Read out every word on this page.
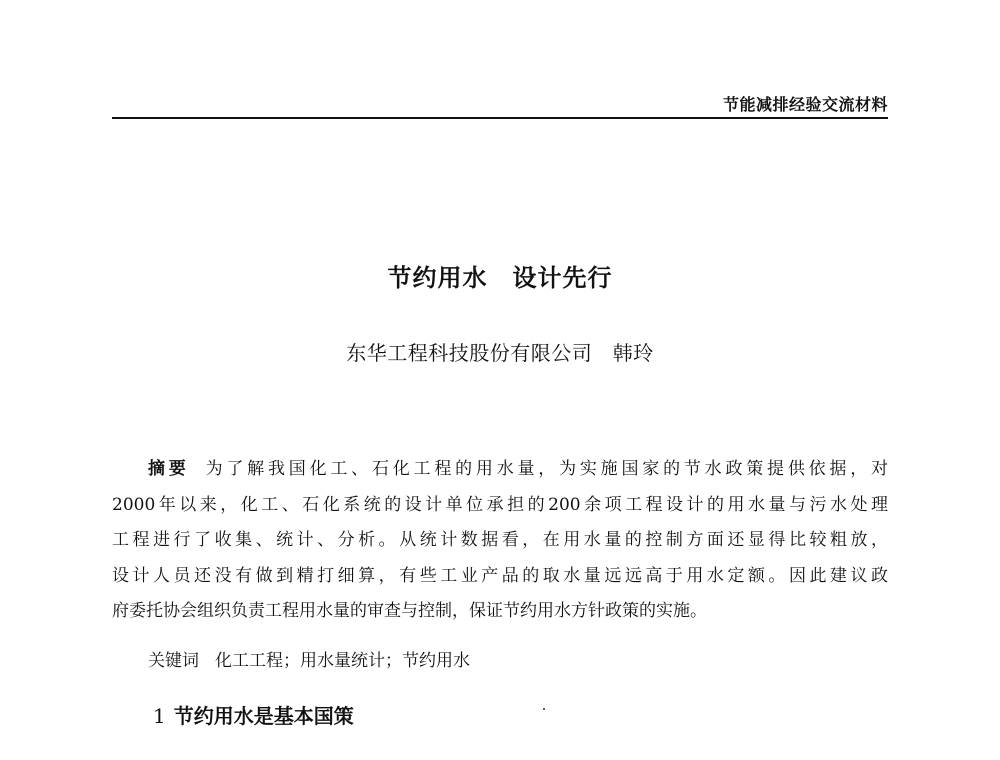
节能减排经验交流材料
节约用水　设计先行
东华工程科技股份有限公司　韩玲
摘要 为了解我国化工、石化工程的用水量，为实施国家的节水政策提供依据，对
2000年以来，化工、石化系统的设计单位承担的200余项工程设计的用水量与污水处理
工程进行了收集、统计、分析。从统计数据看，在用水量的控制方面还显得比较粗放，
设计人员还没有做到精打细算，有些工业产品的取水量远远高于用水定额。因此建议政
府委托协会组织负责工程用水量的审查与控制，保证节约用水方针政策的实施。
关键词 化工工程；用水量统计；节约用水
1 节约用水是基本国策
